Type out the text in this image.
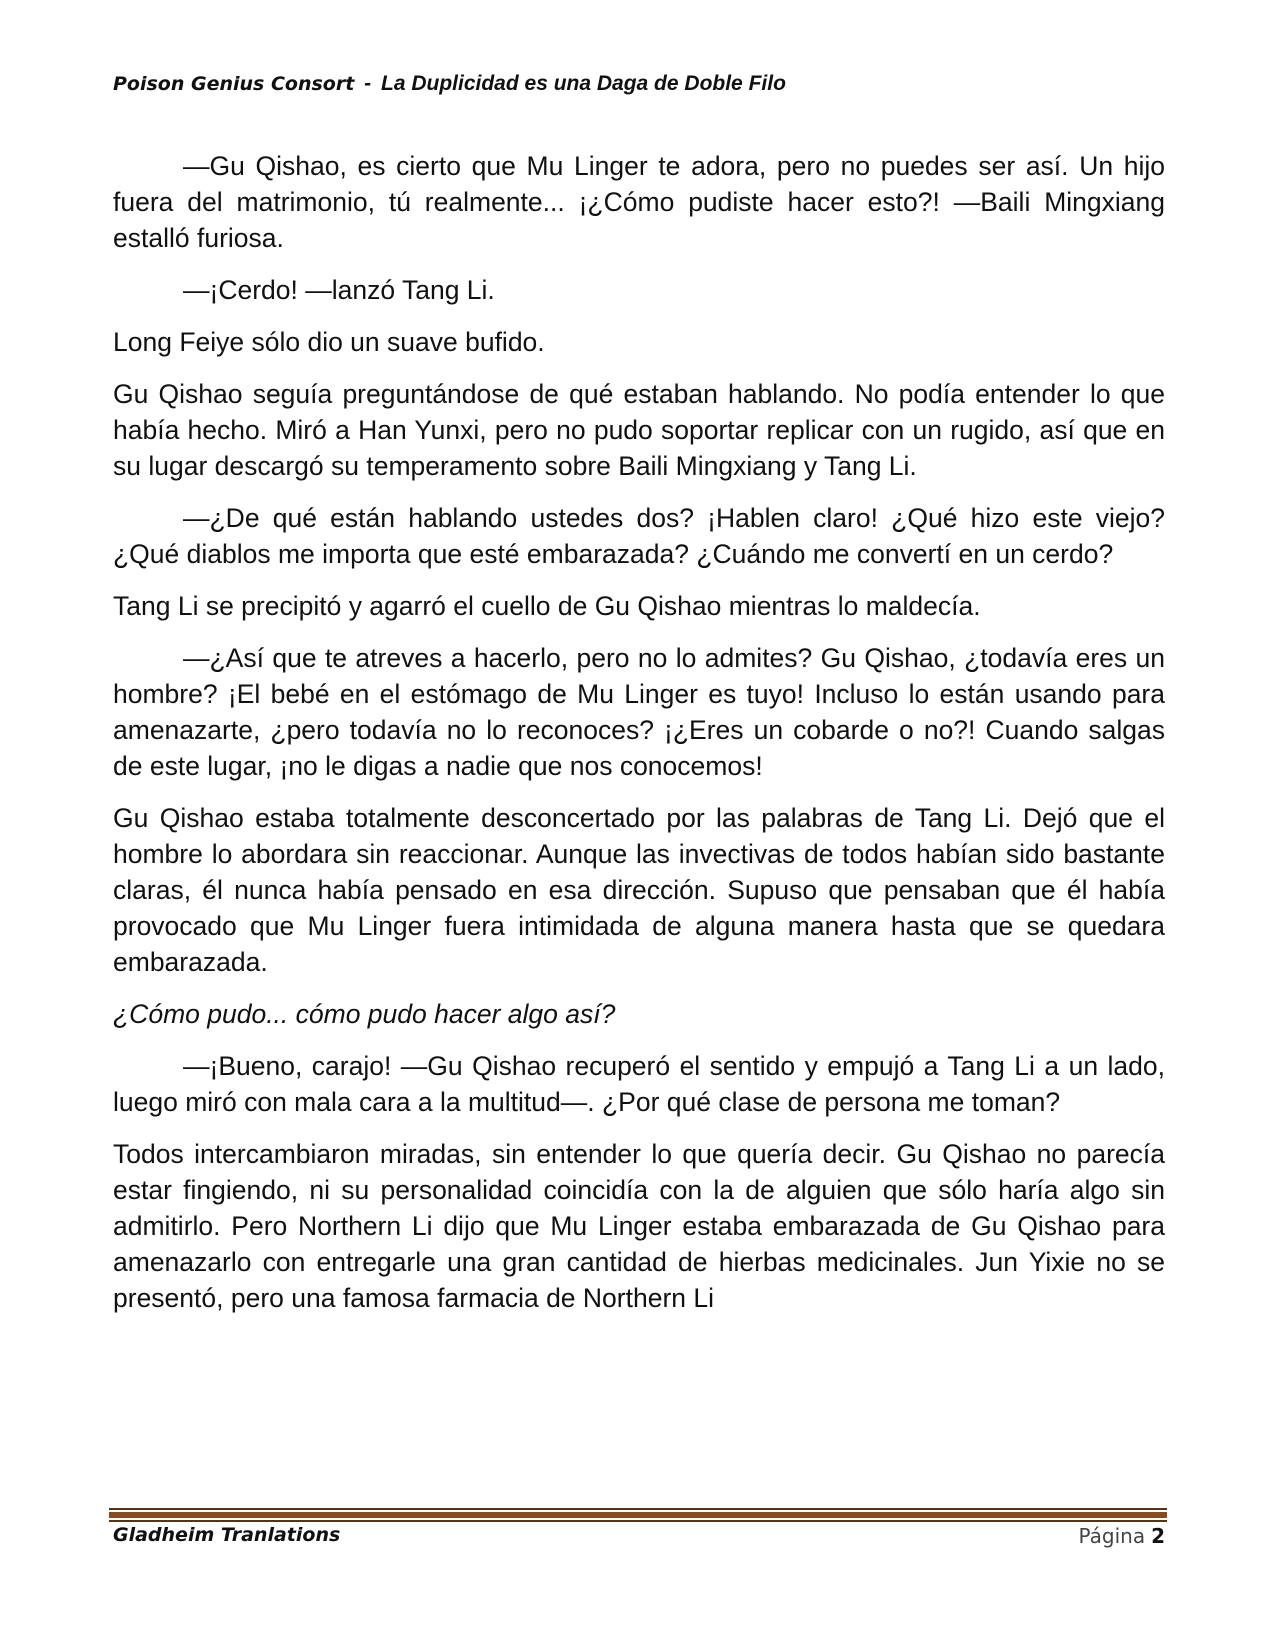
Poison Genius Consort - La Duplicidad es una Daga de Doble Filo

—Gu Qishao, es cierto que Mu Linger te adora, pero no puedes ser así. Un hijo fuera del matrimonio, tú realmente... ¡¿Cómo pudiste hacer esto?! —Baili Mingxiang estalló furiosa.

—¡Cerdo! —lanzó Tang Li.

Long Feiye sólo dio un suave bufido.

Gu Qishao seguía preguntándose de qué estaban hablando. No podía entender lo que había hecho. Miró a Han Yunxi, pero no pudo soportar replicar con un rugido, así que en su lugar descargó su temperamento sobre Baili Mingxiang y Tang Li.

—¿De qué están hablando ustedes dos? ¡Hablen claro! ¿Qué hizo este viejo? ¿Qué diablos me importa que esté embarazada? ¿Cuándo me convertí en un cerdo?

Tang Li se precipitó y agarró el cuello de Gu Qishao mientras lo maldecía.

—¿Así que te atreves a hacerlo, pero no lo admites? Gu Qishao, ¿todavía eres un hombre? ¡El bebé en el estómago de Mu Linger es tuyo! Incluso lo están usando para amenazarte, ¿pero todavía no lo reconoces? ¡¿Eres un cobarde o no?! Cuando salgas de este lugar, ¡no le digas a nadie que nos conocemos!

Gu Qishao estaba totalmente desconcertado por las palabras de Tang Li. Dejó que el hombre lo abordara sin reaccionar. Aunque las invectivas de todos habían sido bastante claras, él nunca había pensado en esa dirección. Supuso que pensaban que él había provocado que Mu Linger fuera intimidada de alguna manera hasta que se quedara embarazada.

¿Cómo pudo... cómo pudo hacer algo así?

—¡Bueno, carajo! —Gu Qishao recuperó el sentido y empujó a Tang Li a un lado, luego miró con mala cara a la multitud—. ¿Por qué clase de persona me toman?

Todos intercambiaron miradas, sin entender lo que quería decir. Gu Qishao no parecía estar fingiendo, ni su personalidad coincidía con la de alguien que sólo haría algo sin admitirlo. Pero Northern Li dijo que Mu Linger estaba embarazada de Gu Qishao para amenazarlo con entregarle una gran cantidad de hierbas medicinales. Jun Yixie no se presentó, pero una famosa farmacia de Northern Li

Gladheim Tranlations	Página 2
